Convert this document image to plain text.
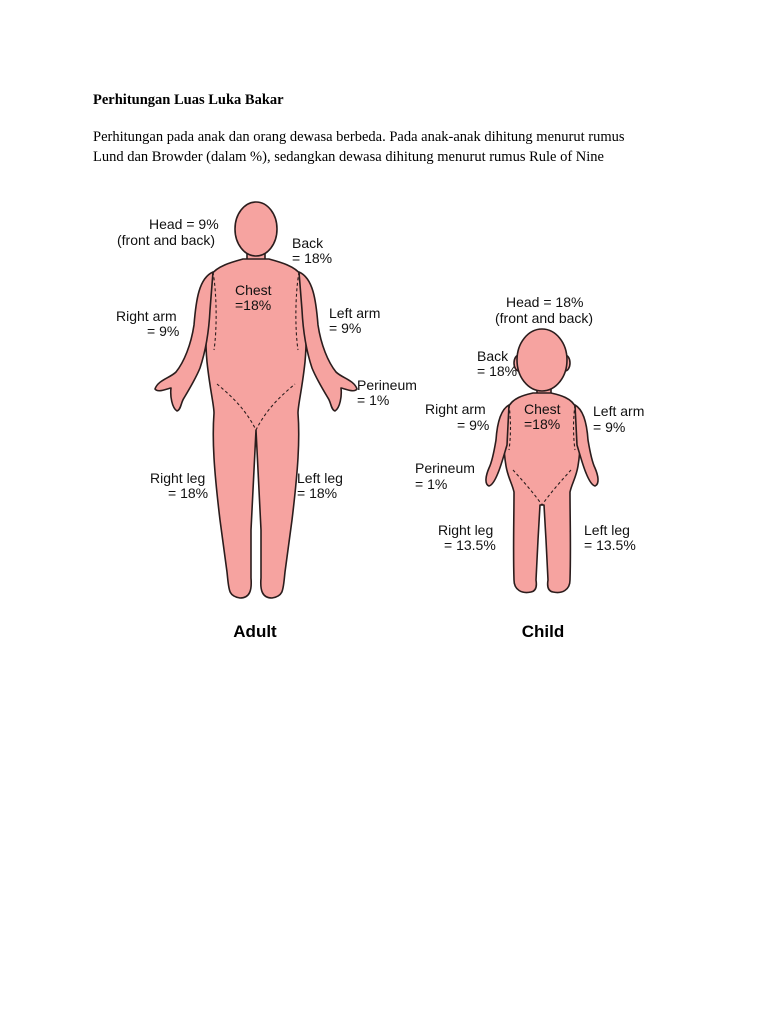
Perhitungan Luas Luka Bakar
Perhitungan pada anak dan orang dewasa berbeda. Pada anak-anak dihitung menurut rumus
Lund dan Browder (dalam %), sedangkan dewasa dihitung menurut rumus Rule of Nine
Head = 9%
(front and back)	Back
= 18%
Chest
=18%
Right arm
= 9%
Left arm
= 9%
Perineum
= 1%
Right leg
= 18%
Left leg
= 18%
Adult
Head = 18%
(front and back)
Back
= 18%
Chest
=18%
Right arm
= 9%
Left arm
= 9%
Perineum
= 1%
Right leg
= 13.5%
Left leg
= 13.5%
Child
